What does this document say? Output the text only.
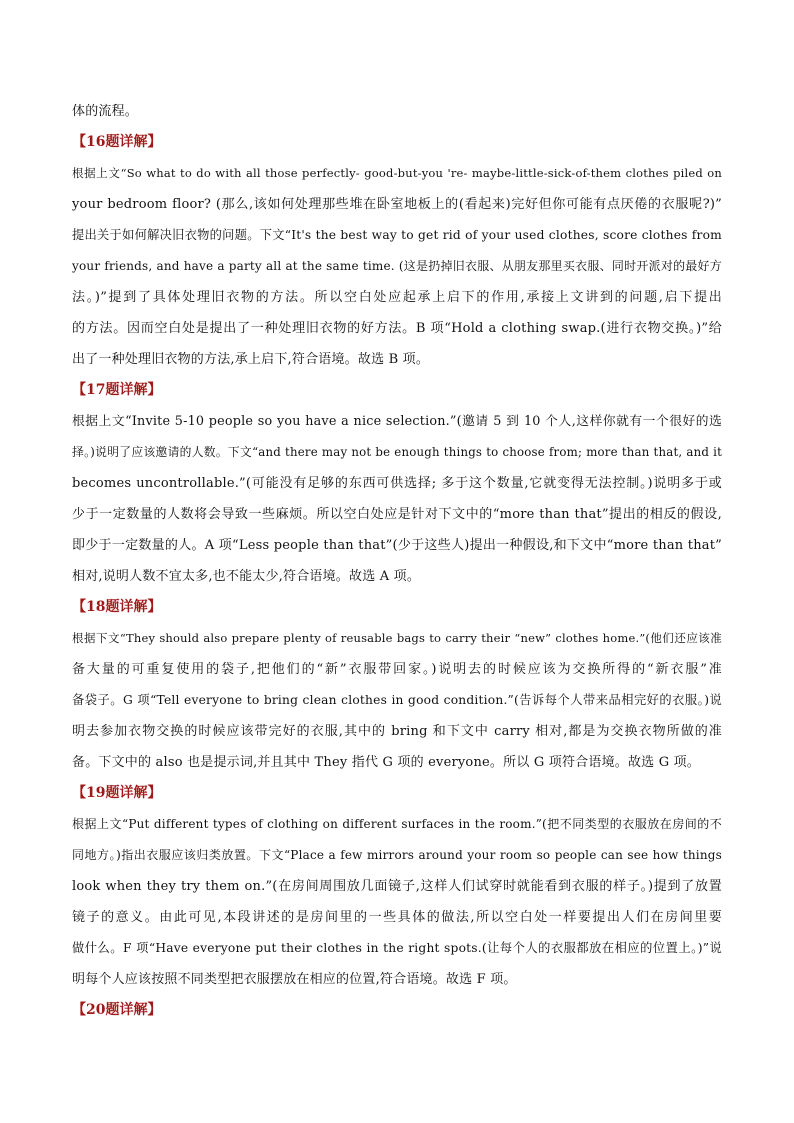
体的流程。

【16题详解】

根据上文“So what to do with all those perfectly- good-but-you 're- maybe-little-sick-of-them clothes piled on

your bedroom floor? (那么,该如何处理那些堆在卧室地板上的(看起来)完好但你可能有点厌倦的衣服呢?)”

提出关于如何解决旧衣物的问题。下文“It's the best way to get rid of your used clothes, score clothes from

your friends, and have a party all at the same time. (这是扔掉旧衣服、从朋友那里买衣服、同时开派对的最好方

法。)”提到了具体处理旧衣物的方法。所以空白处应起承上启下的作用,承接上文讲到的问题,启下提出

的方法。因而空白处是提出了一种处理旧衣物的好方法。B 项“Hold a clothing swap.(进行衣物交换。)”给

出了一种处理旧衣物的方法,承上启下,符合语境。故选 B 项。

【17题详解】

根据上文“Invite 5-10 people so you have a nice selection.”(邀请 5 到 10 个人,这样你就有一个很好的选

择。)说明了应该邀请的人数。下文“and there may not be enough things to choose from; more than that, and it

becomes uncontrollable.”(可能没有足够的东西可供选择; 多于这个数量,它就变得无法控制。)说明多于或

少于一定数量的人数将会导致一些麻烦。所以空白处应是针对下文中的“more than that”提出的相反的假设,

即少于一定数量的人。A 项“Less people than that”(少于这些人)提出一种假设,和下文中“more than that”

相对,说明人数不宜太多,也不能太少,符合语境。故选 A 项。

【18题详解】

根据下文“They should also prepare plenty of reusable bags to carry their “new” clothes home.”(他们还应该准

备大量的可重复使用的袋子,把他们的“新”衣服带回家。)说明去的时候应该为交换所得的“新衣服”准

备袋子。G 项“Tell everyone to bring clean clothes in good condition.”(告诉每个人带来品相完好的衣服。)说

明去参加衣物交换的时候应该带完好的衣服,其中的 bring 和下文中 carry 相对,都是为交换衣物所做的准

备。下文中的 also 也是提示词,并且其中 They 指代 G 项的 everyone。所以 G 项符合语境。故选 G 项。

【19题详解】

根据上文“Put different types of clothing on different surfaces in the room.”(把不同类型的衣服放在房间的不

同地方。)指出衣服应该归类放置。下文“Place a few mirrors around your room so people can see how things

look when they try them on.”(在房间周围放几面镜子,这样人们试穿时就能看到衣服的样子。)提到了放置

镜子的意义。由此可见,本段讲述的是房间里的一些具体的做法,所以空白处一样要提出人们在房间里要

做什么。F 项“Have everyone put their clothes in the right spots.(让每个人的衣服都放在相应的位置上。)”说

明每个人应该按照不同类型把衣服摆放在相应的位置,符合语境。故选 F 项。

【20题详解】
